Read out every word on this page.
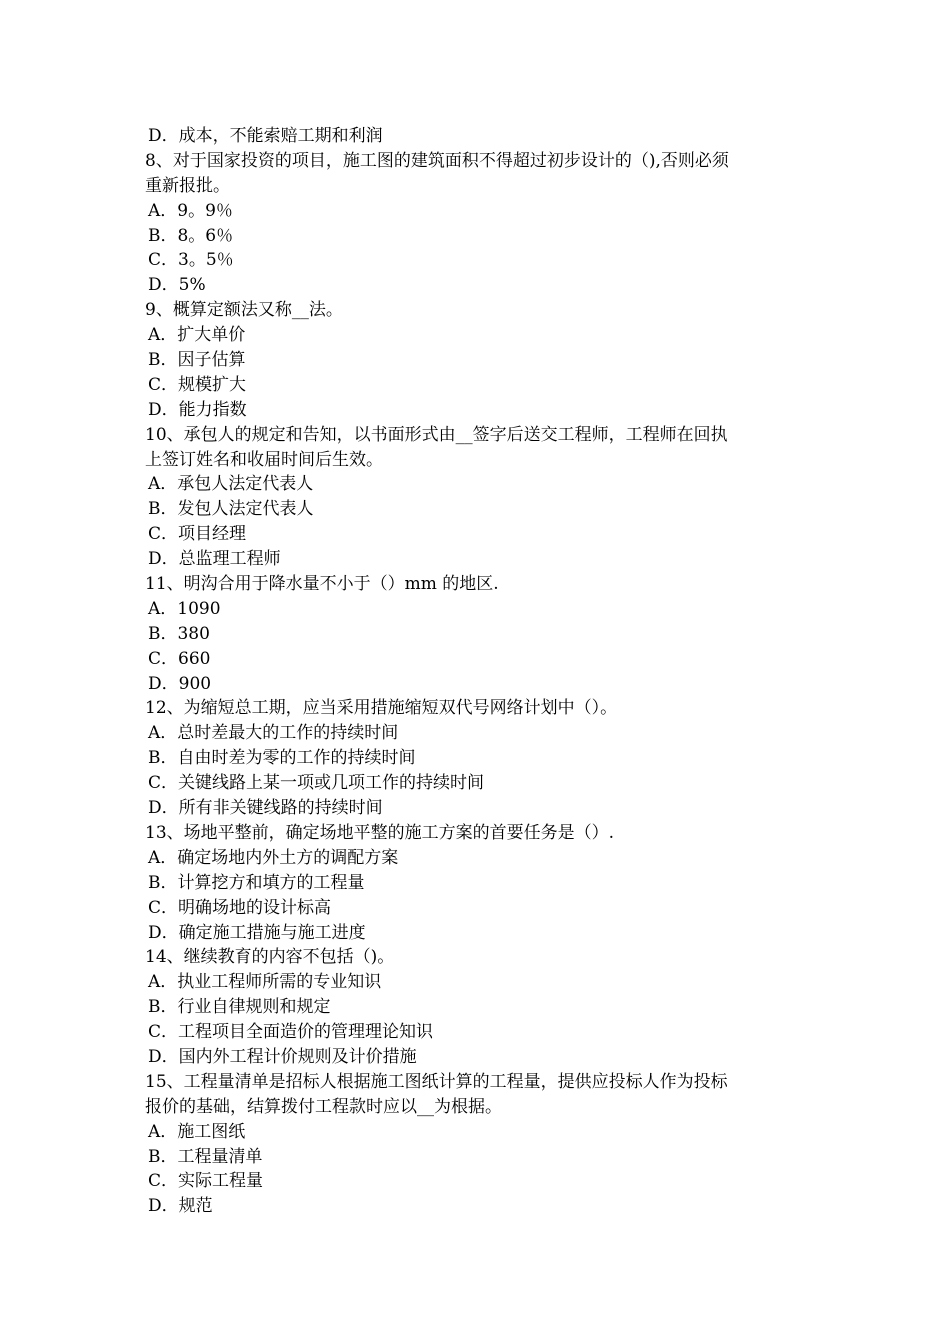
D．成本，不能索赔工期和利润
8、对于国家投资的项目，施工图的建筑面积不得超过初步设计的（),否则必须
重新报批。
A．9。9％
B．8。6％
C．3。5％
D．5%
9、概算定额法又称__法。
A．扩大单价
B．因子估算
C．规模扩大
D．能力指数
10、承包人的规定和告知，以书面形式由__签字后送交工程师，工程师在回执
上签订姓名和收届时间后生效。
A．承包人法定代表人
B．发包人法定代表人
C．项目经理
D．总监理工程师
11、明沟合用于降水量不小于（）mm 的地区.
A．1090
B．380
C．660
D．900
12、为缩短总工期，应当采用措施缩短双代号网络计划中（）。
A．总时差最大的工作的持续时间
B．自由时差为零的工作的持续时间
C．关键线路上某一项或几项工作的持续时间
D．所有非关键线路的持续时间
13、场地平整前，确定场地平整的施工方案的首要任务是（）.
A．确定场地内外土方的调配方案
B．计算挖方和填方的工程量
C．明确场地的设计标高
D．确定施工措施与施工进度
14、继续教育的内容不包括（)。
A．执业工程师所需的专业知识
B．行业自律规则和规定
C．工程项目全面造价的管理理论知识
D．国内外工程计价规则及计价措施
15、工程量清单是招标人根据施工图纸计算的工程量，提供应投标人作为投标
报价的基础，结算拨付工程款时应以__为根据。
A．施工图纸
B．工程量清单
C．实际工程量
D．规范
